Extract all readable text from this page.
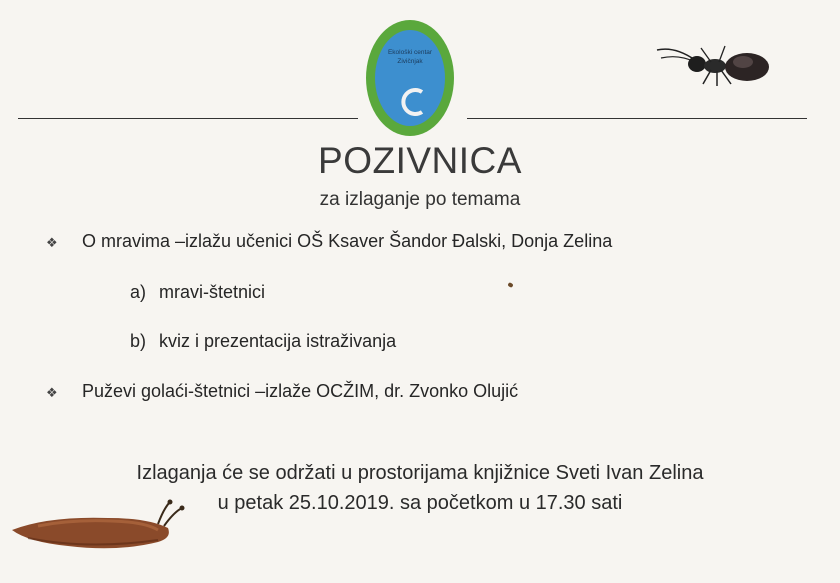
Ekološki centar
Zivičnjak
POZIVNICA
za izlaganje po temama
❖ O mravima –izlažu učenici OŠ Ksaver Šandor Đalski, Donja Zelina
a) mravi-štetnici
b) kviz i prezentacija istraživanja
❖ Puževi golaći-štetnici –izlaže OCŽIM, dr. Zvonko Olujić
Izlaganja će se održati u prostorijama knjižnice Sveti Ivan Zelina
u petak 25.10.2019. sa početkom u 17.30 sati
